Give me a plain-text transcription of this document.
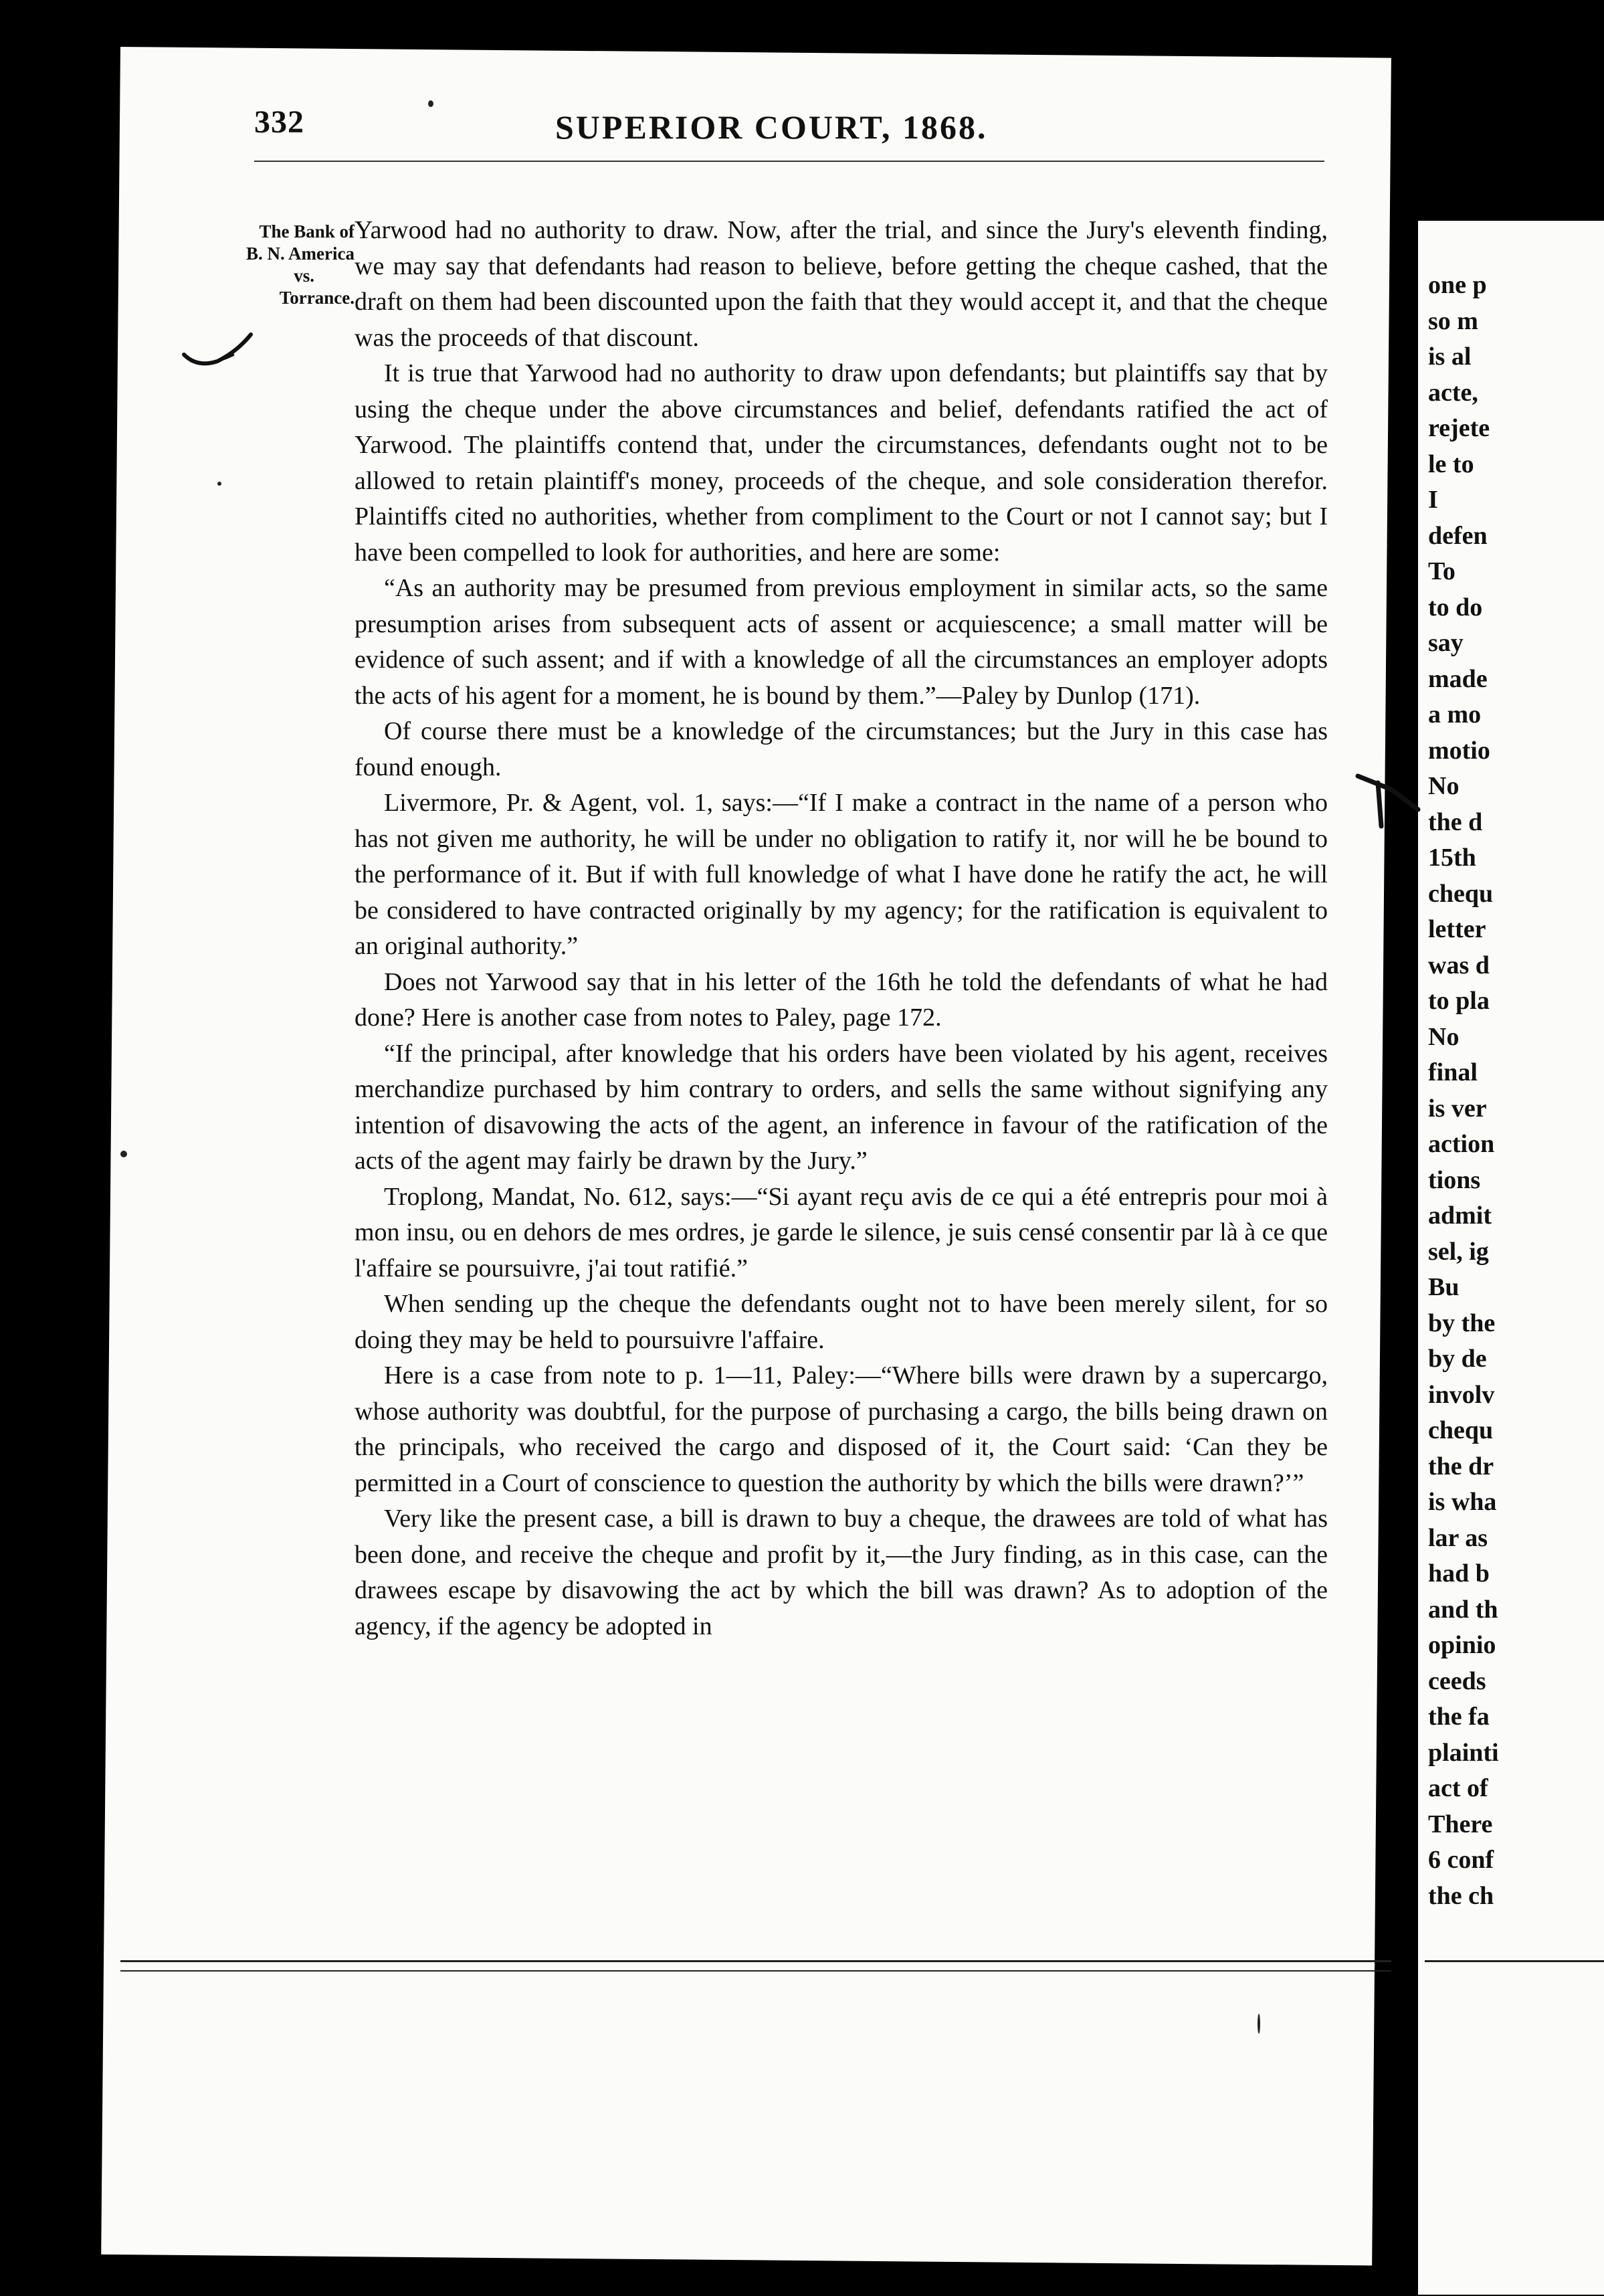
332	SUPERIOR COURT, 1868.
The Bank of
B. N. America
vs.
Torrance.

Yarwood had no authority to draw. Now, after the trial, and since the Jury's eleventh finding, we may say that defendants had reason to believe, before getting the cheque cashed, that the draft on them had been discounted upon the faith that they would accept it, and that the cheque was the proceeds of that discount.

It is true that Yarwood had no authority to draw upon defendants; but plaintiffs say that by using the cheque under the above circumstances and belief, defendants ratified the act of Yarwood. The plaintiffs contend that, under the circumstances, defendants ought not to be allowed to retain plaintiff's money, proceeds of the cheque, and sole consideration therefor. Plaintiffs cited no authorities, whether from compliment to the Court or not I cannot say; but I have been compelled to look for authorities, and here are some:

“As an authority may be presumed from previous employment in similar acts, so the same presumption arises from subsequent acts of assent or acquiescence; a small matter will be evidence of such assent; and if with a knowledge of all the circumstances an employer adopts the acts of his agent for a moment, he is bound by them.”—Paley by Dunlop (171).

Of course there must be a knowledge of the circumstances; but the Jury in this case has found enough.

Livermore, Pr. & Agent, vol. 1, says:—“If I make a contract in the name of a person who has not given me authority, he will be under no obligation to ratify it, nor will he be bound to the performance of it. But if with full knowledge of what I have done he ratify the act, he will be considered to have contracted originally by my agency; for the ratification is equivalent to an original authority.”

Does not Yarwood say that in his letter of the 16th he told the defendants of what he had done? Here is another case from notes to Paley, page 172.

“If the principal, after knowledge that his orders have been violated by his agent, receives merchandize purchased by him contrary to orders, and sells the same without signifying any intention of disavowing the acts of the agent, an inference in favour of the ratification of the acts of the agent may fairly be drawn by the Jury.”

Troplong, Mandat, No. 612, says:—“Si ayant reçu avis de ce qui a été entrepris pour moi à mon insu, ou en dehors de mes ordres, je garde le silence, je suis censé consentir par là à ce que l'affaire se poursuivre, j'ai tout ratifié.”

When sending up the cheque the defendants ought not to have been merely silent, for so doing they may be held to poursuivre l'affaire.

Here is a case from note to p. 1—11, Paley:—“Where bills were drawn by a supercargo, whose authority was doubtful, for the purpose of purchasing a cargo, the bills being drawn on the principals, who received the cargo and disposed of it, the Court said: ‘Can they be permitted in a Court of conscience to question the authority by which the bills were drawn?’”

Very like the present case, a bill is drawn to buy a cheque, the drawees are told of what has been done, and receive the cheque and profit by it,—the Jury finding, as in this case, can the drawees escape by disavowing the act by which the bill was drawn? As to adoption of the agency, if the agency be adopted in

one p
so m
is al
acte,
rejete
le to
I
defen
To
to do
say
made
a mo
motio
No
the d
15th
chequ
letter
was d
to pla
No
final
is ver
action
tions
admit
sel, ig
Bu
by the
by de
involv
chequ
the dr
is wha
lar as
had b
and th
opinio
ceeds
the fa
plainti
act of
There
6 conf
the ch
